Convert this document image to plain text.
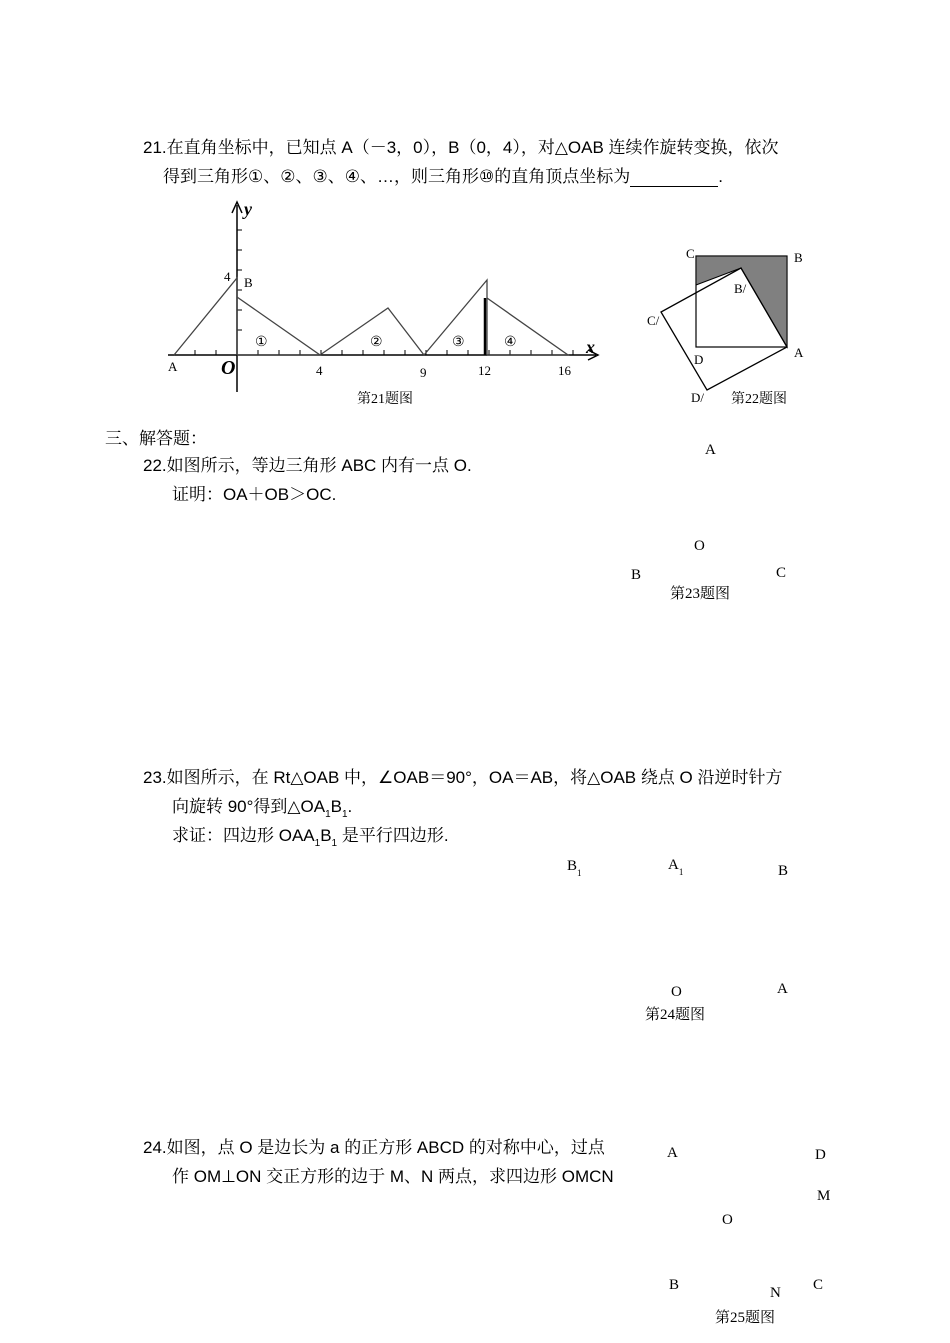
21.在直角坐标中，已知点 A（－3，0），B（0，4），对△OAB 连续作旋转变换，依次
得到三角形①、②、③、④、…，则三角形⑩的直角顶点坐标为	.
y
x
O
A
B
4
4	9	12	16
①	②	③	④
第21题图
C	B
B/
C/
D	A
D/ 第22题图
三、解答题：
22.如图所示，等边三角形 ABC 内有一点 O.
证明：OA＋OB＞OC.
A
O
B	C
第23题图
23.如图所示，在 Rt△OAB 中，∠OAB＝90°，OA＝AB，将△OAB 绕点 O 沿逆时针方
向旋转 90°得到$\triangle OA_1B_1$.
求证：四边形 $OAA_1B_1$ 是平行四边形.
$B_1$	$A_1$	B
O	A
第24题图
24.如图，点 O 是边长为 a 的正方形 ABCD 的对称中心，过点
作 OM⊥ON 交正方形的边于 M、N 两点，求四边形 OMCN
A	D
M
O
B	N C
第25题图
